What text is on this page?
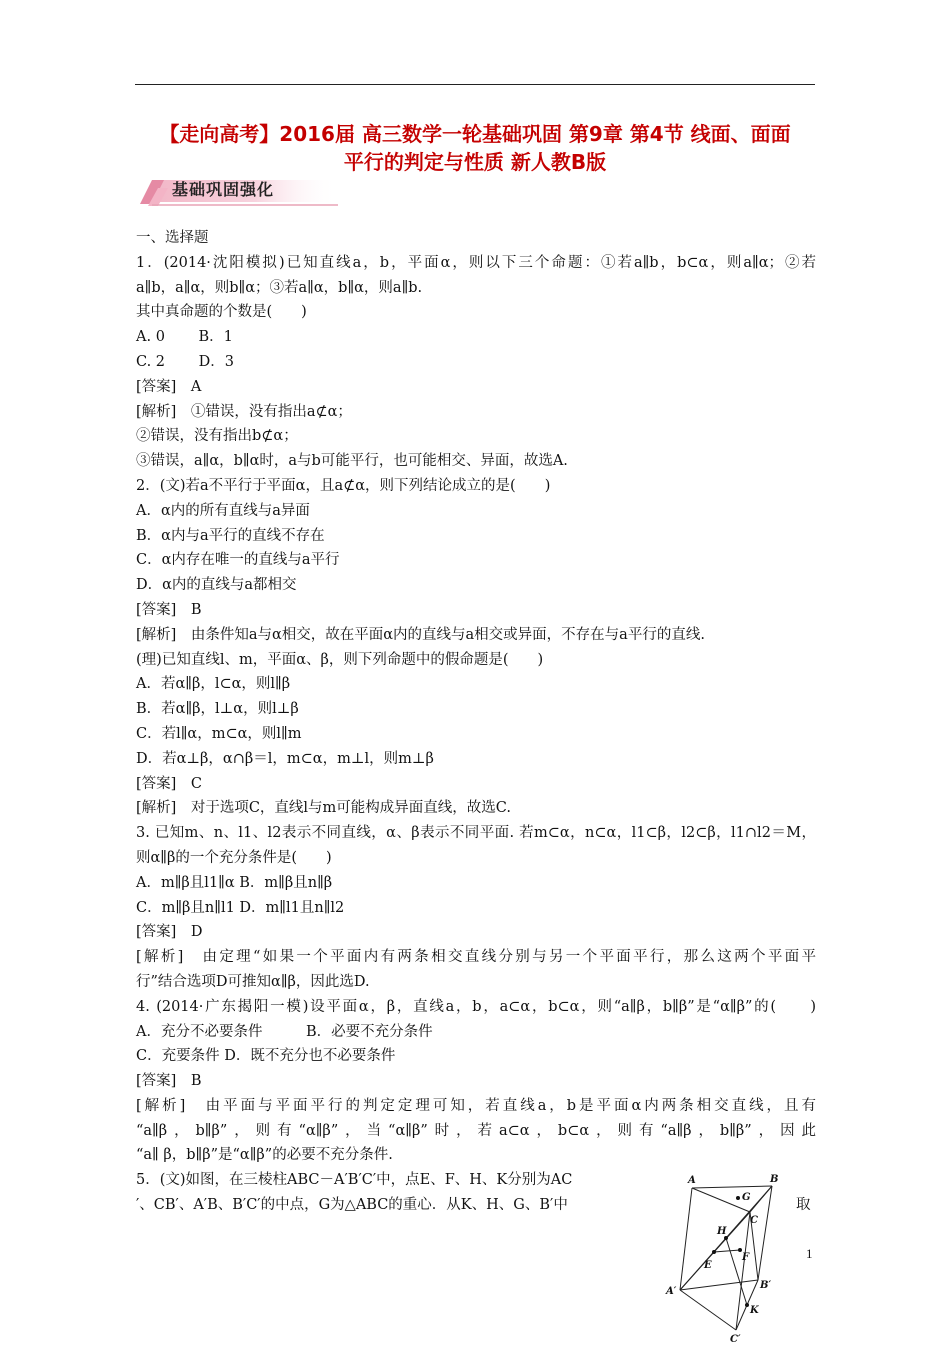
【走向高考】2016届 高三数学一轮基础巩固 第9章 第4节 线面、面面
平行的判定与性质 新人教B版
基础巩固强化
一、选择题
1．(2014·沈阳模拟)已知直线a，b，平面α，则以下三个命题：①若a∥b，b⊂α，则a∥α；②若
a∥b，a∥α，则b∥α；③若a∥α，b∥α，则a∥b.
其中真命题的个数是(　　)
A. 0　　 B．1
C. 2　　 D．3
[答案]　A
[解析]　①错误，没有指出a⊄α；
②错误，没有指出b⊄α；
③错误，a∥α，b∥α时，a与b可能平行，也可能相交、异面，故选A.
2．(文)若a不平行于平面α，且a⊄α，则下列结论成立的是(　　)
A．α内的所有直线与a异面
B．α内与a平行的直线不存在
C．α内存在唯一的直线与a平行
D．α内的直线与a都相交
[答案]　B
[解析]　由条件知a与α相交，故在平面α内的直线与a相交或异面，不存在与a平行的直线.
(理)已知直线l、m，平面α、β，则下列命题中的假命题是(　　)
A．若α∥β，l⊂α，则l∥β
B．若α∥β，l⊥α，则l⊥β
C．若l∥α，m⊂α，则l∥m
D．若α⊥β，α∩β＝l，m⊂α，m⊥l，则m⊥β
[答案]　C
[解析]　对于选项C，直线l与m可能构成异面直线，故选C.
3. 已知m、n、l1、l2表示不同直线，α、β表示不同平面. 若m⊂α，n⊂α，l1⊂β，l2⊂β，l1∩l2＝M，
则α∥β的一个充分条件是(　　)
A．m∥β且l1∥α B．m∥β且n∥β
C．m∥β且n∥l1 D．m∥l1且n∥l2
[答案]　D
[解析]　由定理“如果一个平面内有两条相交直线分别与另一个平面平行，那么这两个平面平
行”结合选项D可推知α∥β，因此选D.
4. (2014·广东揭阳一模)设平面α，β，直线a，b，a⊂α，b⊂α，则“a∥β，b∥β”是“α∥β”的(　　)
A．充分不必要条件　　　B．必要不充分条件
C．充要条件 D．既不充分也不必要条件
[答案]　B
[解析]　由平面与平面平行的判定定理可知，若直线a，b是平面α内两条相交直线，且有
“a∥β，b∥β”，则有“α∥β”，当“α∥β”时，若a⊂α，b⊂α，则有“a∥β，b∥β”，因此
“a∥ β，b∥β”是“α∥β”的必要不充分条件.
5．(文)如图，在三棱柱ABC－A′B′C′中，点E、F、H、K分别为AC
′、CB′、A′B、B′C′的中点，G为△ABC的重心．从K、H、G、B′中	取
A	B
C
G
H
F
E
A′
B′
K
C′
1
